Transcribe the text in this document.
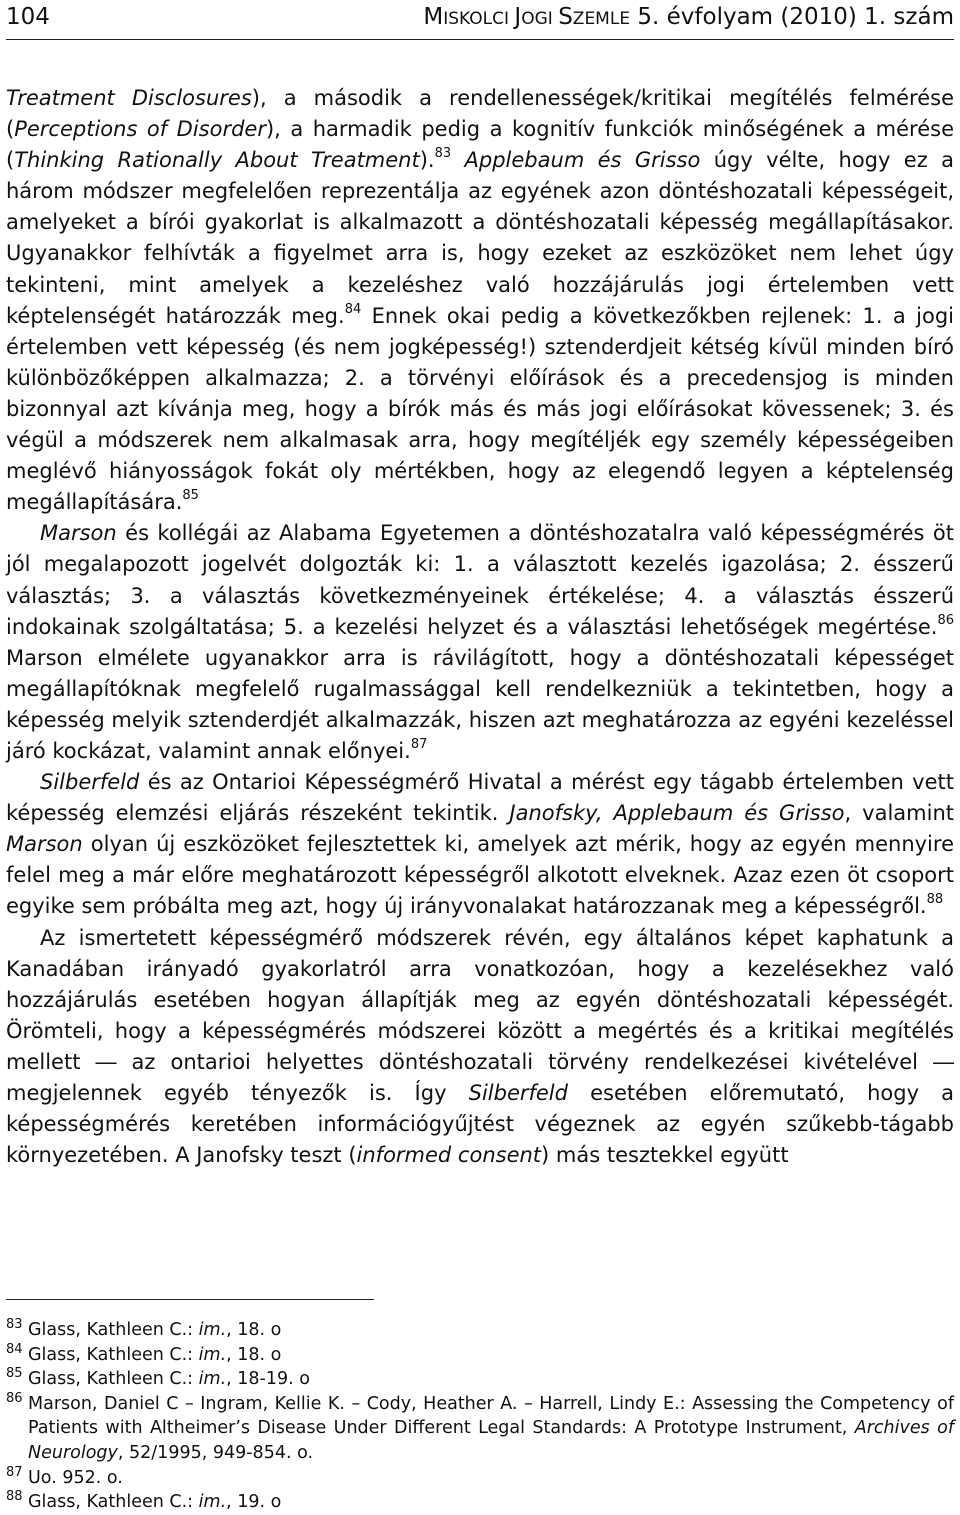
104	MISKOLCI JOGI SZEMLE 5. évfolyam (2010) 1. szám

Treatment Disclosures), a második a rendellenességek/kritikai megítélés felmérése (Perceptions of Disorder), a harmadik pedig a kognitív funkciók minőségének a mérése (Thinking Rationally About Treatment).$^{83}$ Applebaum és Grisso úgy vélte, hogy ez a három módszer megfelelően reprezentálja az egyének azon döntéshozatali képességeit, amelyeket a bírói gyakorlat is alkalmazott a döntéshozatali képesség megállapításakor. Ugyanakkor felhívták a figyelmet arra is, hogy ezeket az eszközöket nem lehet úgy tekinteni, mint amelyek a kezeléshez való hozzájárulás jogi értelemben vett képtelenségét határozzák meg.$^{84}$ Ennek okai pedig a következőkben rejlenek: 1. a jogi értelemben vett képesség (és nem jogképesség!) sztenderdjeit kétség kívül minden bíró különbözőképpen alkalmazza; 2. a törvényi előírások és a precedensjog is minden bizonnyal azt kívánja meg, hogy a bírók más és más jogi előírásokat kövessenek; 3. és végül a módszerek nem alkalmasak arra, hogy megítéljék egy személy képességeiben meglévő hiányosságok fokát oly mértékben, hogy az elegendő legyen a képtelenség megállapítására.$^{85}$

Marson és kollégái az Alabama Egyetemen a döntéshozatalra való képességmérés öt jól megalapozott jogelvét dolgozták ki: 1. a választott kezelés igazolása; 2. ésszerű választás; 3. a választás következményeinek értékelése; 4. a választás ésszerű indokainak szolgáltatása; 5. a kezelési helyzet és a választási lehetőségek megértése.$^{86}$ Marson elmélete ugyanakkor arra is rávilágított, hogy a döntéshozatali képességet megállapítóknak megfelelő rugalmassággal kell rendelkezniük a tekintetben, hogy a képesség melyik sztenderdjét alkalmazzák, hiszen azt meghatározza az egyéni kezeléssel járó kockázat, valamint annak előnyei.$^{87}$

Silberfeld és az Ontarioi Képességmérő Hivatal a mérést egy tágabb értelemben vett képesség elemzési eljárás részeként tekintik. Janofsky, Applebaum és Grisso, valamint Marson olyan új eszközöket fejlesztettek ki, amelyek azt mérik, hogy az egyén mennyire felel meg a már előre meghatározott képességről alkotott elveknek. Azaz ezen öt csoport egyike sem próbálta meg azt, hogy új irányvonalakat határozzanak meg a képességről.$^{88}$

Az ismertetett képességmérő módszerek révén, egy általános képet kaphatunk a Kanadában irányadó gyakorlatról arra vonatkozóan, hogy a kezelésekhez való hozzájárulás esetében hogyan állapítják meg az egyén döntéshozatali képességét. Örömteli, hogy a képességmérés módszerei között a megértés és a kritikai megítélés mellett ― az ontarioi helyettes döntéshozatali törvény rendelkezései kivételével ― megjelennek egyéb tényezők is. Így Silberfeld esetében előremutató, hogy a képességmérés keretében információgyűjtést végeznek az egyén szűkebb-tágabb környezetében. A Janofsky teszt (informed consent) más tesztekkel együtt

83 Glass, Kathleen C.: im., 18. o
84 Glass, Kathleen C.: im., 18. o
85 Glass, Kathleen C.: im., 18-19. o
86 Marson, Daniel C – Ingram, Kellie K. – Cody, Heather A. – Harrell, Lindy E.: Assessing the Competency of Patients with Altheimer’s Disease Under Different Legal Standards: A Prototype Instrument, Archives of Neurology, 52/1995, 949-854. o.
87 Uo. 952. o.
88 Glass, Kathleen C.: im., 19. o
